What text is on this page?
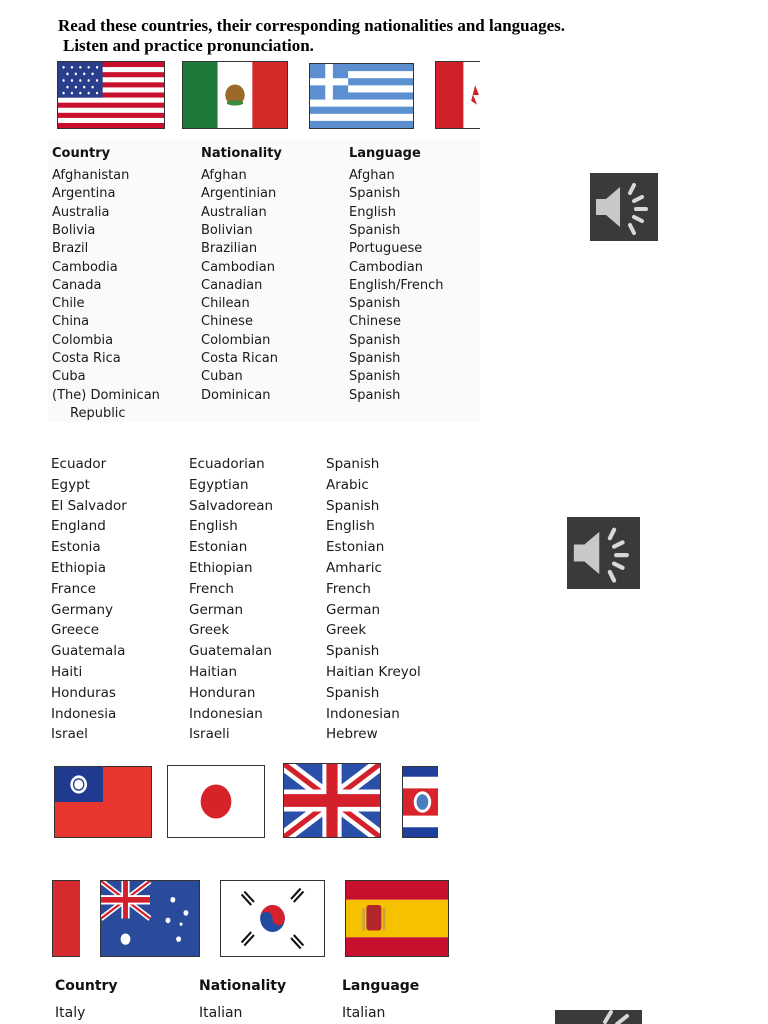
Read these countries, their corresponding nationalities and languages.
Listen and practice pronunciation.
Country	Nationality	Language
Afghanistan	Afghan	Afghan
Argentina	Argentinian	Spanish
Australia	Australian	English
Bolivia	Bolivian	Spanish
Brazil	Brazilian	Portuguese
Cambodia	Cambodian	Cambodian
Canada	Canadian	English/French
Chile	Chilean	Spanish
China	Chinese	Chinese
Colombia	Colombian	Spanish
Costa Rica	Costa Rican	Spanish
Cuba	Cuban	Spanish
(The) Dominican	Dominican	Spanish
Republic
Ecuador	Ecuadorian	Spanish
Egypt	Egyptian	Arabic
El Salvador	Salvadorean	Spanish
England	English	English
Estonia	Estonian	Estonian
Ethiopia	Ethiopian	Amharic
France	French	French
Germany	German	German
Greece	Greek	Greek
Guatemala	Guatemalan	Spanish
Haiti	Haitian	Haitian Kreyol
Honduras	Honduran	Spanish
Indonesia	Indonesian	Indonesian
Israel	Israeli	Hebrew
Country	Nationality	Language
Italy	Italian	Italian
